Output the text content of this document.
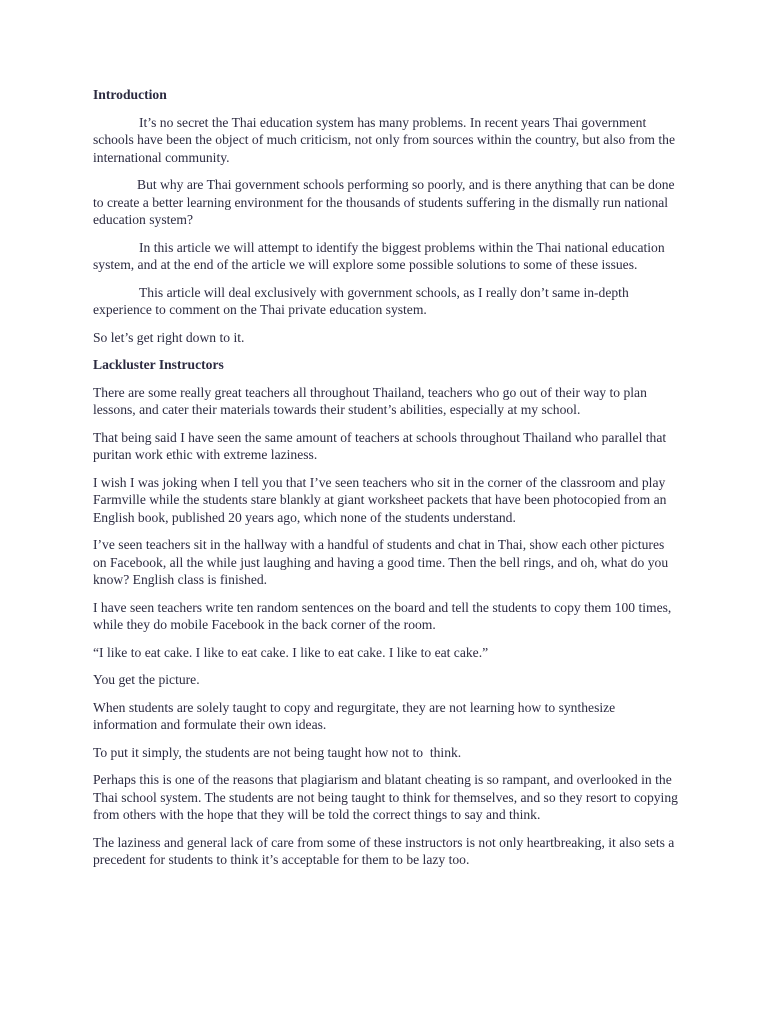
Introduction

It’s no secret the Thai education system has many problems. In recent years Thai government schools have been the object of much criticism, not only from sources within the country, but also from the international community.

But why are Thai government schools performing so poorly, and is there anything that can be done to create a better learning environment for the thousands of students suffering in the dismally run national education system?

In this article we will attempt to identify the biggest problems within the Thai national education system, and at the end of the article we will explore some possible solutions to some of these issues.

This article will deal exclusively with government schools, as I really don’t same in-depth experience to comment on the Thai private education system.

So let’s get right down to it.

Lackluster Instructors

There are some really great teachers all throughout Thailand, teachers who go out of their way to plan lessons, and cater their materials towards their student’s abilities, especially at my school.

That being said I have seen the same amount of teachers at schools throughout Thailand who parallel that puritan work ethic with extreme laziness.

I wish I was joking when I tell you that I’ve seen teachers who sit in the corner of the classroom and play Farmville while the students stare blankly at giant worksheet packets that have been photocopied from an English book, published 20 years ago, which none of the students understand.

I’ve seen teachers sit in the hallway with a handful of students and chat in Thai, show each other pictures on Facebook, all the while just laughing and having a good time. Then the bell rings, and oh, what do you know? English class is finished.

I have seen teachers write ten random sentences on the board and tell the students to copy them 100 times, while they do mobile Facebook in the back corner of the room.

“I like to eat cake. I like to eat cake. I like to eat cake. I like to eat cake.”

You get the picture.

When students are solely taught to copy and regurgitate, they are not learning how to synthesize information and formulate their own ideas.

To put it simply, the students are not being taught how not to  think.

Perhaps this is one of the reasons that plagiarism and blatant cheating is so rampant, and overlooked in the Thai school system. The students are not being taught to think for themselves, and so they resort to copying from others with the hope that they will be told the correct things to say and think.

The laziness and general lack of care from some of these instructors is not only heartbreaking, it also sets a precedent for students to think it’s acceptable for them to be lazy too.
